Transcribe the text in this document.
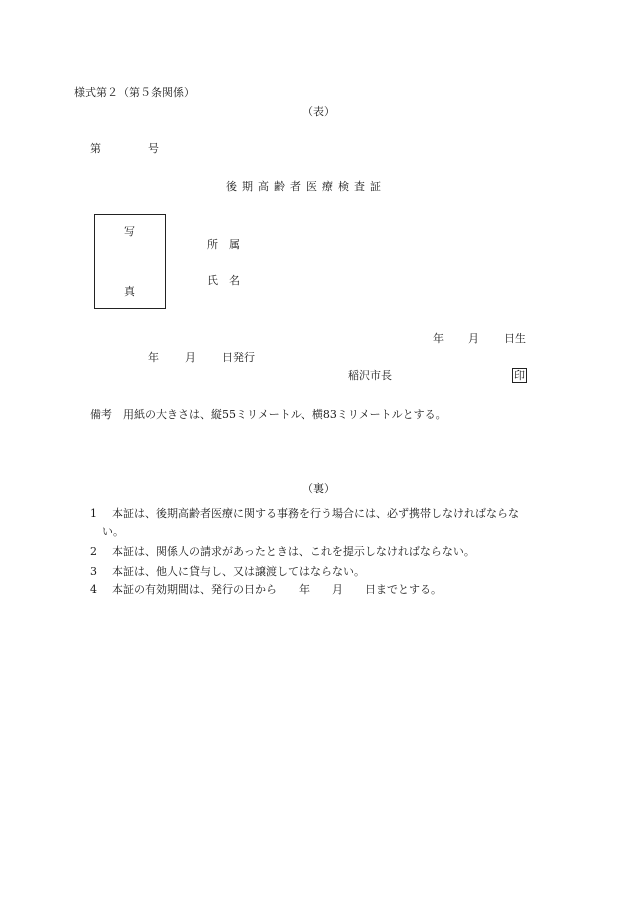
様式第２（第５条関係）
（表）
第	号
後期高齢者医療検査証
写
真
所　属
氏　名
年 月 日生
年 月 日発行
稲沢市長	印
備考　用紙の大きさは、縦55ミリメートル、横83ミリメートルとする。
（裏）
1 本証は、後期高齢者医療に関する事務を行う場合には、必ず携帯しなければならな
い。
2 本証は、関係人の請求があったときは、これを提示しなければならない。
3 本証は、他人に貸与し、又は譲渡してはならない。
4 本証の有効期間は、発行の日から　　年　　月　　日までとする。
